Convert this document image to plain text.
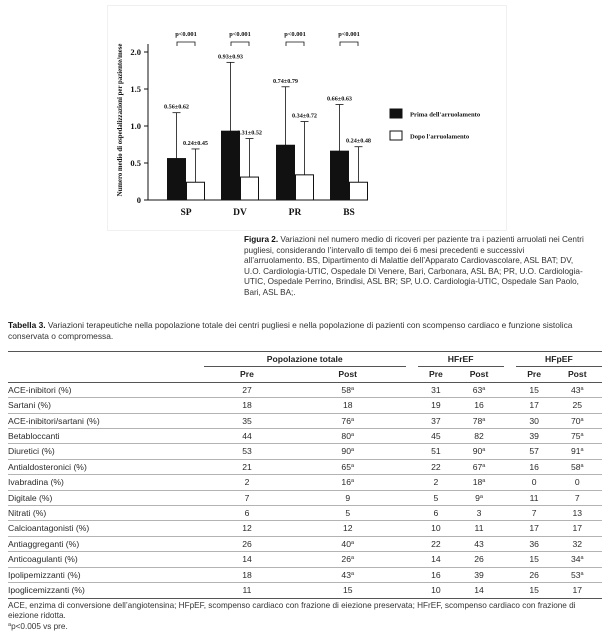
0
0.5
1.0
1.5
2.0
Numero medio di ospedalizzazioni per paziente/mese	0.56±0.62
0.24±0.45
SP
p<0.001
0.93±0.93
0.31±0.52
DV
p<0.001
0.74±0.79
0.34±0.72
PR
p<0.001
0.66±0.63
0.24±0.48
BS
p<0.001
Prima dell'arruolamento
Dopo l'arruolamento
Figura 2. Variazioni nel numero medio di ricoveri per paziente tra i pazienti arruolati nei Centri pugliesi, considerando l’intervallo di tempo dei 6 mesi precedenti e successivi all’arruolamento. BS, Dipartimento di Malattie dell’Apparato Cardiovascolare, ASL BAT; DV, U.O. Cardiologia-UTIC, Ospedale Di Venere, Bari, Carbonara, ASL BA; PR, U.O. Cardiologia-UTIC, Ospedale Perrino, Brindisi, ASL BR; SP, U.O. Cardiologia-UTIC, Ospedale San Paolo, Bari, ASL BA;.
Tabella 3. Variazioni terapeutiche nella popolazione totale dei centri pugliesi e nella popolazione di pazienti con scompenso cardiaco e funzione sistolica conservata o compromessa.
	Popolazione totale			HFrEF			HFpEF	
	Pre	Post		Pre	Post		Pre	Post
ACE-inibitori (%)	27	58$^a$		31	63$^a$		15	43$^a$
Sartani (%)	18	18		19	16		17	25
ACE-inibitori/sartani (%)	35	76$^a$		37	78$^a$		30	70$^a$
Betabloccanti	44	80$^a$		45	82		39	75$^a$
Diuretici (%)	53	90$^a$		51	90$^a$		57	91$^a$
Antialdosteronici (%)	21	65$^a$		22	67$^a$		16	58$^a$
Ivabradina (%)	2	16$^a$		2	18$^a$		0	0
Digitale (%)	7	9		5	9$^a$		11	7
Nitrati (%)	6	5		6	3		7	13
Calcioantagonisti (%)	12	12		10	11		17	17
Antiaggreganti (%)	26	40$^a$		22	43		36	32
Anticoagulanti (%)	14	26$^a$		14	26		15	34$^a$
Ipolipemizzanti (%)	18	43$^a$		16	39		26	53$^a$
Ipoglicemizzanti (%)	11	15		10	14		15	17
ACE, enzima di conversione dell’angiotensina; HFpEF, scompenso cardiaco con frazione di eiezione preservata; HFrEF, scompenso cardiaco con frazione di eiezione ridotta.
$^a$p<0.005 vs pre.
